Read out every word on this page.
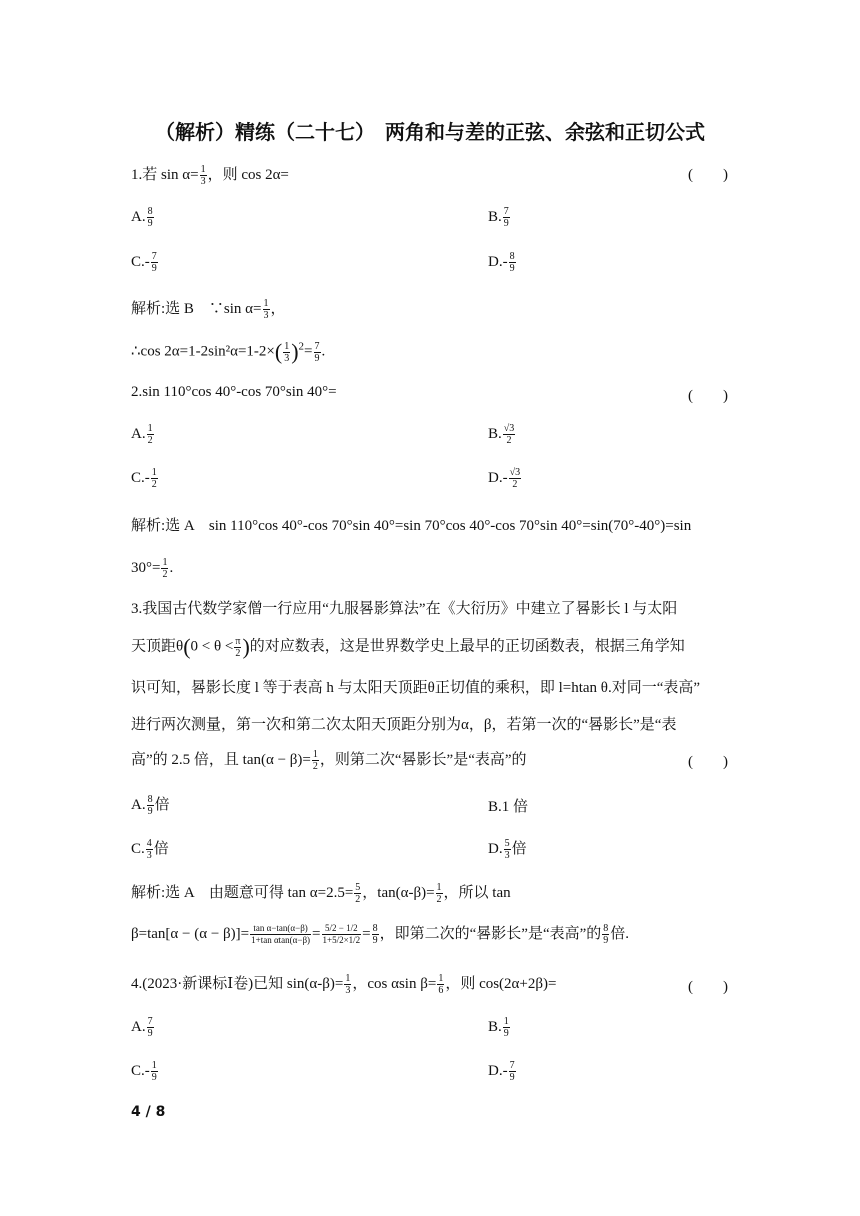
（解析）精练（二十七）　两角和与差的正弦、余弦和正切公式
1.若 $\sin \alpha= \frac{1}{3}$ ，则 cos 2α=	(　　)
A. $\frac{8}{9}$	B. $\frac{7}{9}$
$C.- \frac{7}{9}$	$D.- \frac{8}{9}$
解析:选 B　∵sin $\alpha= \frac{1}{3}$ ，
∴cos $2\alpha=1-2\sin^2\alpha=1-2\times( \frac{1}{3} )^2= \frac{7}{9}$ .
2.sin 110°cos 40°-cos 70°sin 40°=	(　　)
A. $\frac{1}{2}$	B. $\frac{√3}{2}$
$C.- \frac{1}{2}$	$D.- \frac{√3}{2}$
解析:选 A　sin 110°cos 40°-cos 70°sin 40°=sin 70°cos 40°-cos 70°sin 40°=sin(70°-40°)=sin
$30^\circ= \frac{1}{2}$ .
3.我国古代数学家僧一行应用“九服晷影算法”在《大衍历》中建立了晷影长 l 与太阳
天顶距$\theta(0 < \theta < \frac{\pi}{2}$ )的对应数表，这是世界数学史上最早的正切函数表，根据三角学知
识可知，晷影长度 l 等于表高 h 与太阳天顶距θ正切值的乘积，即 l=htan θ.对同一“表高”
进行两次测量，第一次和第二次太阳天顶距分别为α，β，若第一次的“晷影长”是“表
高”的 2.5 倍，且 $\tan(\alpha - \beta)= \frac{1}{2}$ ，则第二次“晷影长”是“表高”的	(　　)
A. $\frac{8}{9}$ 倍	B.1 倍
C. $\frac{4}{3}$ 倍	D. $\frac{5}{3}$ 倍
解析:选 A　由题意可得 $\tan \alpha=2.5= \frac{5}{2}$ ，$\tan(\alpha-\beta)= \frac{1}{2}$ ，所以 tan
$\beta=\tan[\alpha - (\alpha - \beta)]= \frac{\text{tan α−tan(α−β)}}{\text{1+tan αtan(α−β)}} = \frac{5/2 - 1/2}{1+5/2\times 1/2} = \frac{8}{9}$ ，即第二次的“晷影长”是“表高”的 $\frac{8}{9}$ 倍.
4.(2023·新课标Ⅰ卷)已知 $\sin(\alpha-\beta)= \frac{1}{3}$ ，cos αsin $\beta= \frac{1}{6}$ ，则 cos(2α+2β)=	(　　)
A. $\frac{7}{9}$	B. $\frac{1}{9}$
$C.- \frac{1}{9}$	$D.- \frac{7}{9}$
4 / 8
